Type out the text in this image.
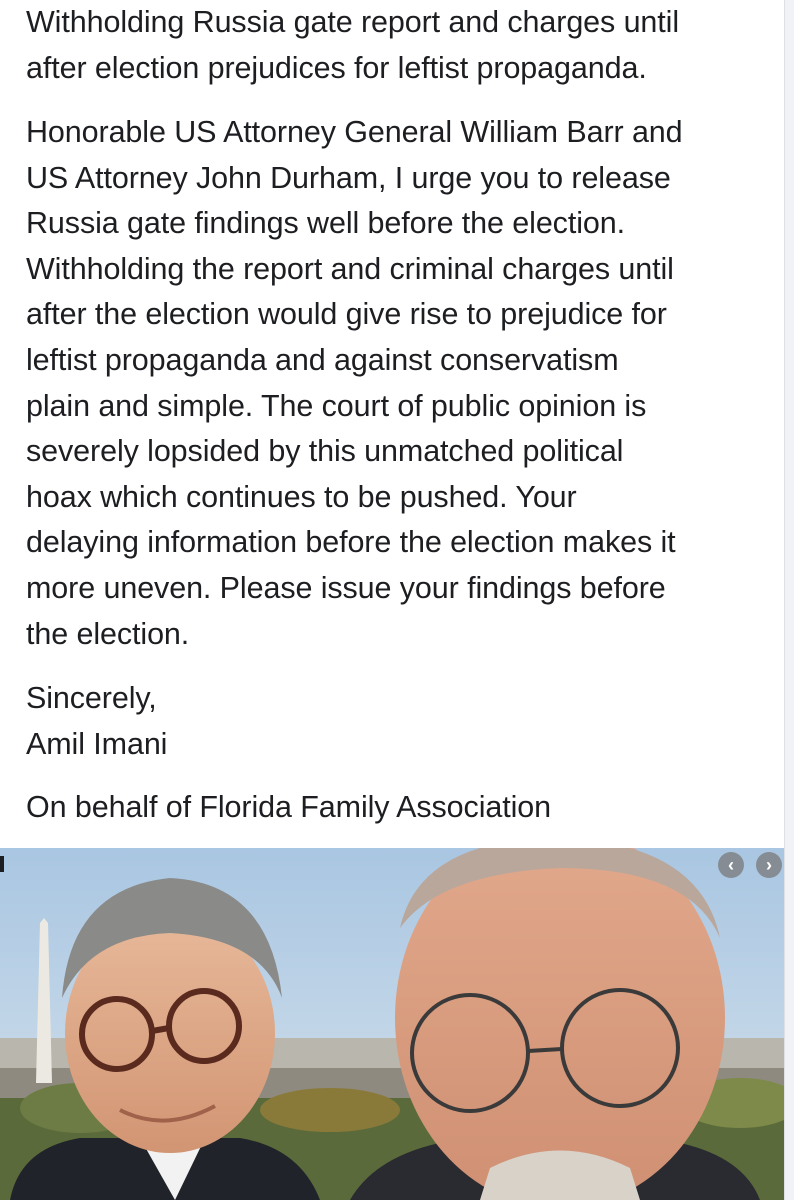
Withholding Russia gate report and charges until
after election prejudices for leftist propaganda.

Honorable US Attorney General William Barr and
US Attorney John Durham, I urge you to release
Russia gate findings well before the election.
Withholding the report and criminal charges until
after the election would give rise to prejudice for
leftist propaganda and against conservatism
plain and simple. The court of public opinion is
severely lopsided by this unmatched political
hoax which continues to be pushed. Your
delaying information before the election makes it
more uneven. Please issue your findings before
the election.

Sincerely,
Amil Imani

On behalf of Florida Family Association

‹	›
